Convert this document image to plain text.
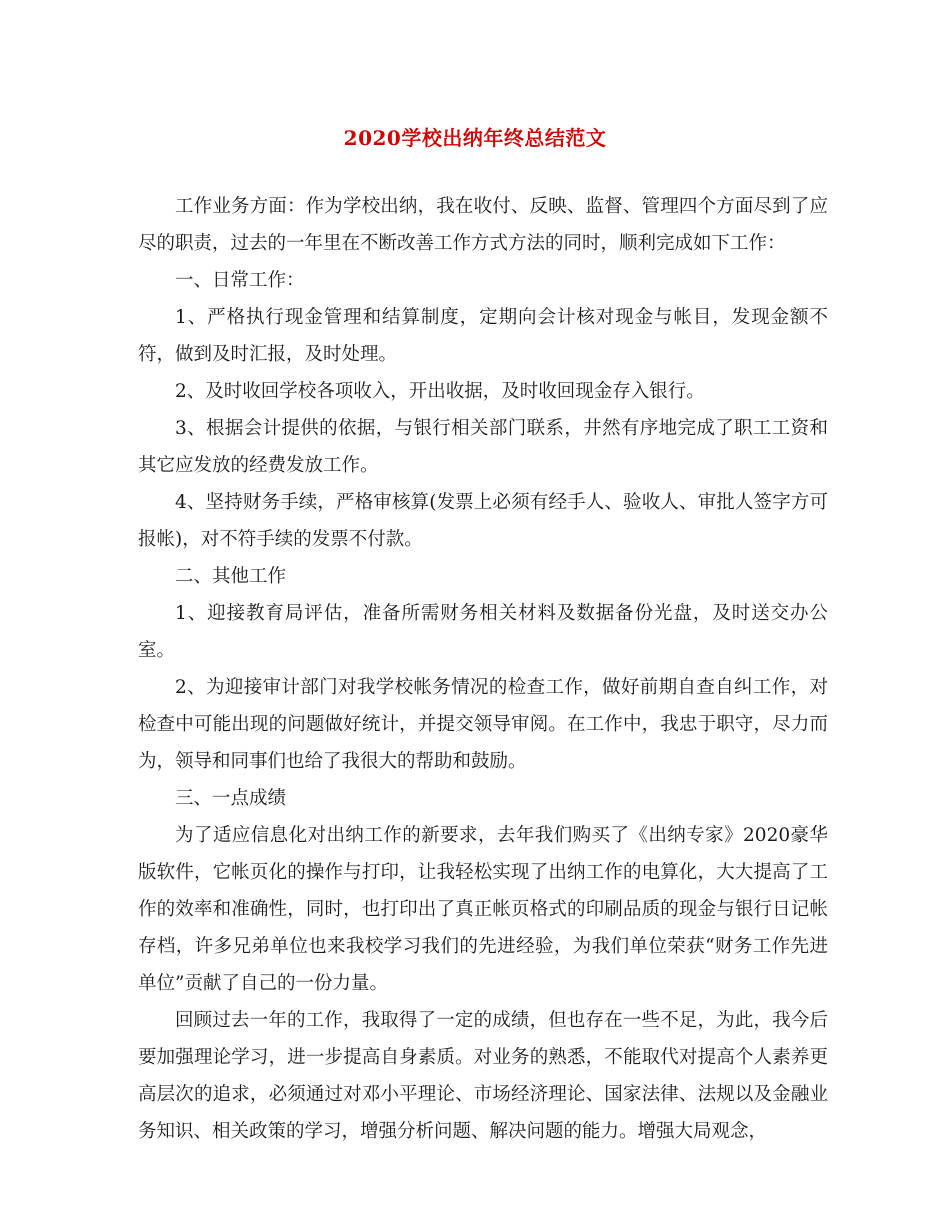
2020学校出纳年终总结范文

工作业务方面：作为学校出纳，我在收付、反映、监督、管理四个方面尽到了应尽的职责，过去的一年里在不断改善工作方式方法的同时，顺利完成如下工作：

一、日常工作：

1、严格执行现金管理和结算制度，定期向会计核对现金与帐目，发现金额不符，做到及时汇报，及时处理。

2、及时收回学校各项收入，开出收据，及时收回现金存入银行。

3、根据会计提供的依据，与银行相关部门联系，井然有序地完成了职工工资和其它应发放的经费发放工作。

4、坚持财务手续，严格审核算(发票上必须有经手人、验收人、审批人签字方可报帐)，对不符手续的发票不付款。

二、其他工作

1、迎接教育局评估，准备所需财务相关材料及数据备份光盘，及时送交办公室。

2、为迎接审计部门对我学校帐务情况的检查工作，做好前期自查自纠工作，对检查中可能出现的问题做好统计，并提交领导审阅。在工作中，我忠于职守，尽力而为，领导和同事们也给了我很大的帮助和鼓励。

三、一点成绩

为了适应信息化对出纳工作的新要求，去年我们购买了《出纳专家》2020豪华版软件，它帐页化的操作与打印，让我轻松实现了出纳工作的电算化，大大提高了工作的效率和准确性，同时，也打印出了真正帐页格式的印刷品质的现金与银行日记帐存档，许多兄弟单位也来我校学习我们的先进经验，为我们单位荣获“财务工作先进单位”贡献了自己的一份力量。

回顾过去一年的工作，我取得了一定的成绩，但也存在一些不足，为此，我今后要加强理论学习，进一步提高自身素质。对业务的熟悉，不能取代对提高个人素养更高层次的追求，必须通过对邓小平理论、市场经济理论、国家法律、法规以及金融业务知识、相关政策的学习，增强分析问题、解决问题的能力。增强大局观念，
